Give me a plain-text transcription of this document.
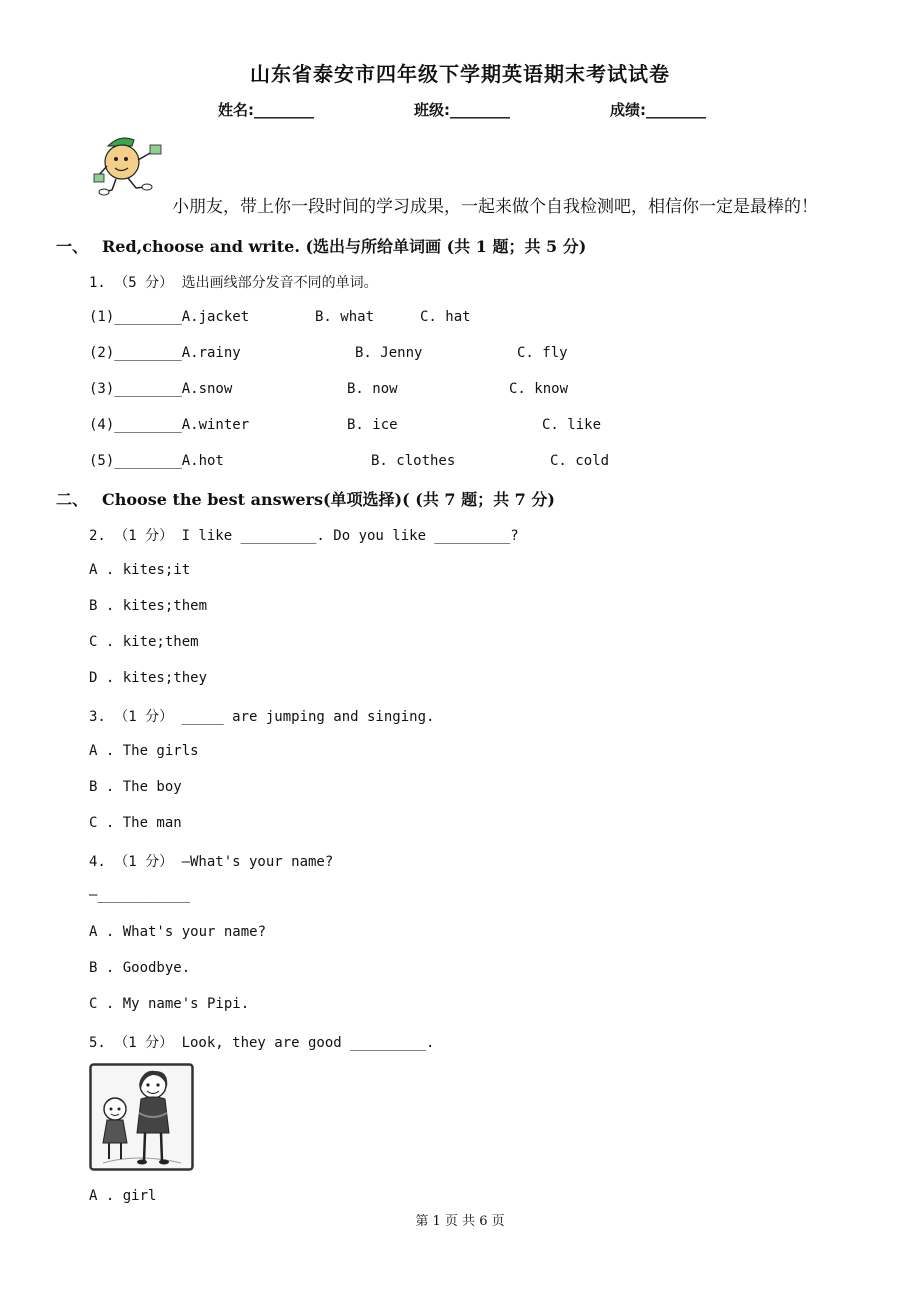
山东省泰安市四年级下学期英语期末考试试卷
姓名:________	班级:________	成绩:________
小朋友，带上你一段时间的学习成果，一起来做个自我检测吧，相信你一定是最棒的！
一、 Red,choose and write. (选出与所给单词画 (共 1 题；共 5 分)
1. （5 分） 选出画线部分发音不同的单词。
(1)________A.jacket	B. what	C. hat
(2)________A.rainy	B. Jenny	C. fly
(3)________A.snow	B. now	C. know
(4)________A.winter	B. ice	C. like
(5)________A.hot	B. clothes	C. cold
二、 Choose the best answers(单项选择)( (共 7 题；共 7 分)
2. （1 分） I like _________. Do you like _________?
A . kites;it
B . kites;them
C . kite;them
D . kites;they
3. （1 分） _____ are jumping and singing.
A . The girls
B . The boy
C . The man
4. （1 分） —What's your name?
—___________
A . What's your name?
B . Goodbye.
C . My name's Pipi.
5. （1 分） Look, they are good _________.
A . girl
第 1 页 共 6 页
